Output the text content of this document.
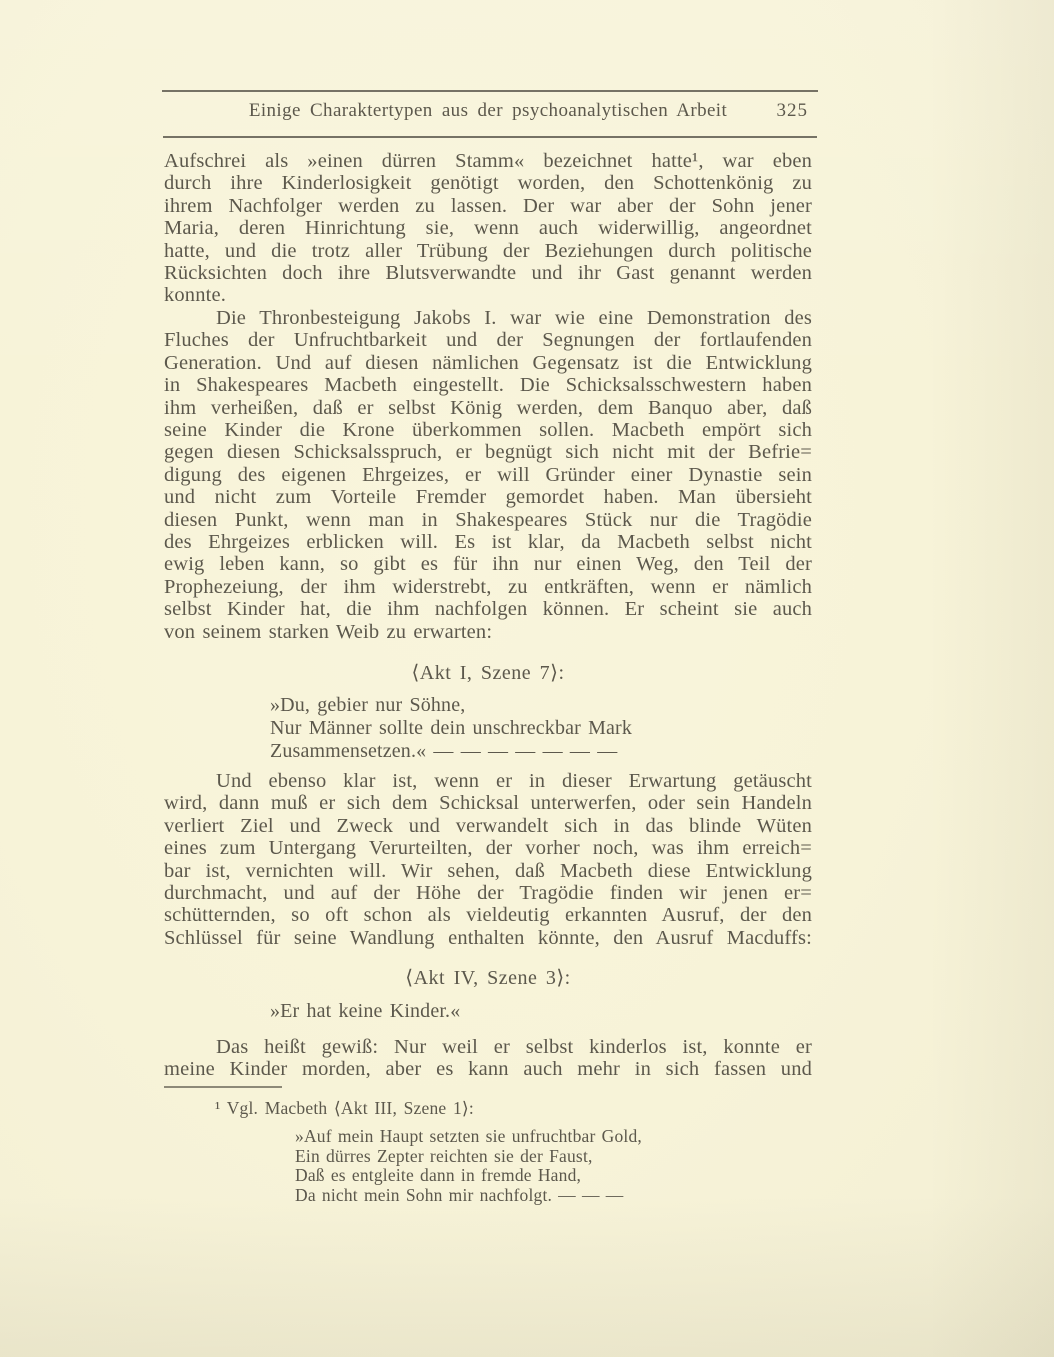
Einige Charaktertypen aus der psychoanalytischen Arbeit	325
Aufschrei als »einen dürren Stamm« bezeichnet hatte¹, war eben
durch ihre Kinderlosigkeit genötigt worden, den Schottenkönig zu
ihrem Nachfolger werden zu lassen. Der war aber der Sohn jener
Maria, deren Hinrichtung sie, wenn auch widerwillig, angeordnet
hatte, und die trotz aller Trübung der Beziehungen durch politische
Rücksichten doch ihre Blutsverwandte und ihr Gast genannt werden
konnte.
Die Thronbesteigung Jakobs I. war wie eine Demonstration des
Fluches der Unfruchtbarkeit und der Segnungen der fortlaufenden
Generation. Und auf diesen nämlichen Gegensatz ist die Entwicklung
in Shakespeares Macbeth eingestellt. Die Schicksalsschwestern haben
ihm verheißen, daß er selbst König werden, dem Banquo aber, daß
seine Kinder die Krone überkommen sollen. Macbeth empört sich
gegen diesen Schicksalsspruch, er begnügt sich nicht mit der Befrie=
digung des eigenen Ehrgeizes, er will Gründer einer Dynastie sein
und nicht zum Vorteile Fremder gemordet haben. Man übersieht
diesen Punkt, wenn man in Shakespeares Stück nur die Tragödie
des Ehrgeizes erblicken will. Es ist klar, da Macbeth selbst nicht
ewig leben kann, so gibt es für ihn nur einen Weg, den Teil der
Prophezeiung, der ihm widerstrebt, zu entkräften, wenn er nämlich
selbst Kinder hat, die ihm nachfolgen können. Er scheint sie auch
von seinem starken Weib zu erwarten:
⟨Akt I, Szene 7⟩:
»Du, gebier nur Söhne,
Nur Männer sollte dein unschreckbar Mark
Zusammensetzen.« — — — — — — —
Und ebenso klar ist, wenn er in dieser Erwartung getäuscht
wird, dann muß er sich dem Schicksal unterwerfen, oder sein Handeln
verliert Ziel und Zweck und verwandelt sich in das blinde Wüten
eines zum Untergang Verurteilten, der vorher noch, was ihm erreich=
bar ist, vernichten will. Wir sehen, daß Macbeth diese Entwicklung
durchmacht, und auf der Höhe der Tragödie finden wir jenen er=
schütternden, so oft schon als vieldeutig erkannten Ausruf, der den
Schlüssel für seine Wandlung enthalten könnte, den Ausruf Macduffs:
⟨Akt IV, Szene 3⟩:
»Er hat keine Kinder.«
Das heißt gewiß: Nur weil er selbst kinderlos ist, konnte er
meine Kinder morden, aber es kann auch mehr in sich fassen und
¹ Vgl. Macbeth ⟨Akt III, Szene 1⟩:
»Auf mein Haupt setzten sie unfruchtbar Gold,
Ein dürres Zepter reichten sie der Faust,
Daß es entgleite dann in fremde Hand,
Da nicht mein Sohn mir nachfolgt. — — —
